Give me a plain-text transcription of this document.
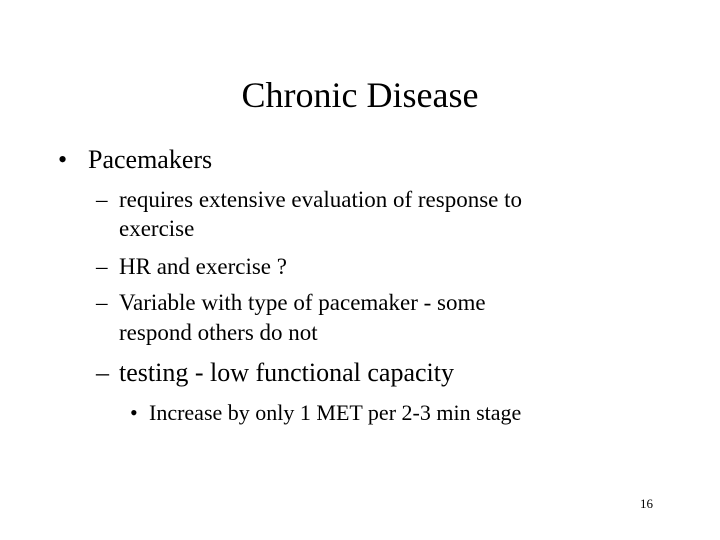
Chronic Disease
• Pacemakers
– requires extensive evaluation of response to
exercise
– HR and exercise ?
– Variable with type of pacemaker - some
respond others do not
– testing - low functional capacity
• Increase by only 1 MET per 2-3 min stage
16
